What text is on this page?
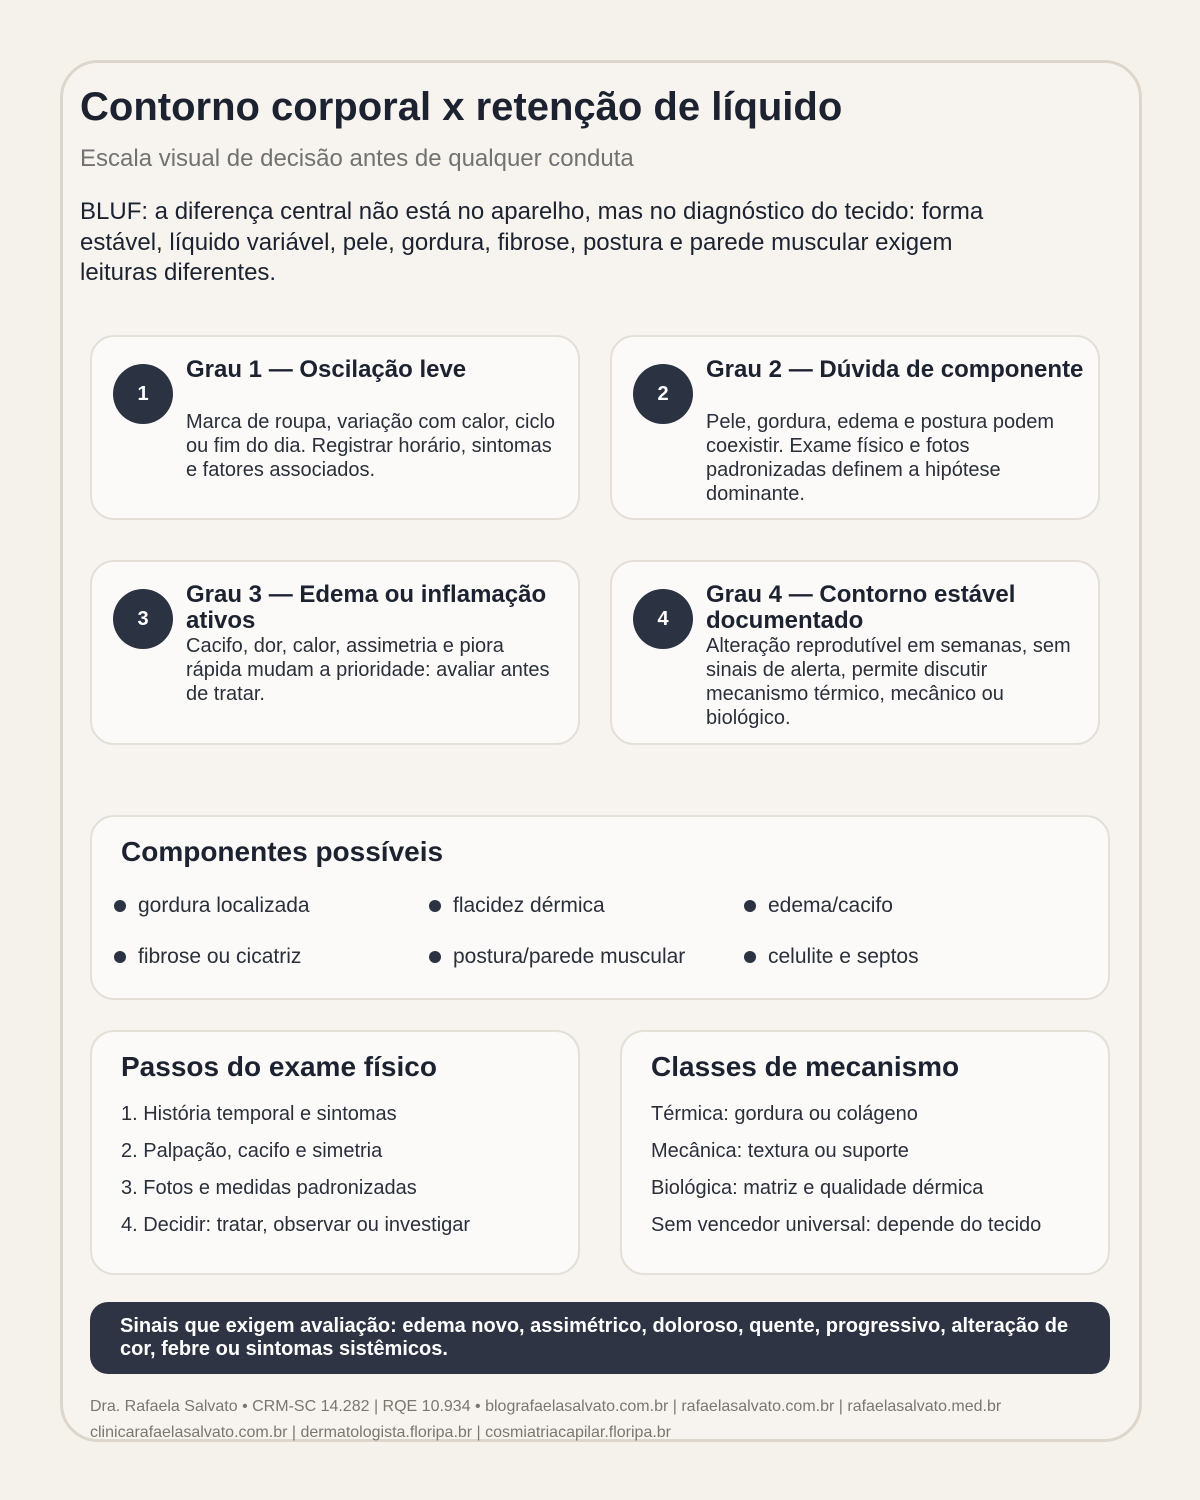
Contorno corporal x retenção de líquido

Escala visual de decisão antes de qualquer conduta

BLUF: a diferença central não está no aparelho, mas no diagnóstico do tecido: forma estável, líquido variável, pele, gordura, fibrose, postura e parede muscular exigem leituras diferentes.

1
Grau 1 — Oscilação leve
Marca de roupa, variação com calor, ciclo ou fim do dia. Registrar horário, sintomas e fatores associados.
2
Grau 2 — Dúvida de componente
Pele, gordura, edema e postura podem coexistir. Exame físico e fotos padronizadas definem a hipótese dominante.
3
Grau 3 — Edema ou inflamação ativos
Cacifo, dor, calor, assimetria e piora rápida mudam a prioridade: avaliar antes de tratar.
4
Grau 4 — Contorno estável documentado
Alteração reprodutível em semanas, sem sinais de alerta, permite discutir mecanismo térmico, mecânico ou biológico.
Componentes possíveis
gordura localizada	flacidez dérmica	edema/cacifo
fibrose ou cicatriz	postura/parede muscular	celulite e septos
Passos do exame físico
1. História temporal e sintomas
2. Palpação, cacifo e simetria
3. Fotos e medidas padronizadas
4. Decidir: tratar, observar ou investigar
Classes de mecanismo
Térmica: gordura ou colágeno
Mecânica: textura ou suporte
Biológica: matriz e qualidade dérmica
Sem vencedor universal: depende do tecido
Sinais que exigem avaliação: edema novo, assimétrico, doloroso, quente, progressivo, alteração de cor, febre ou sintomas sistêmicos.
Dra. Rafaela Salvato • CRM-SC 14.282 | RQE 10.934 • blografaelasalvato.com.br | rafaelasalvato.com.br | rafaelasalvato.med.br
clinicarafaelasalvato.com.br | dermatologista.floripa.br | cosmiatriacapilar.floripa.br
